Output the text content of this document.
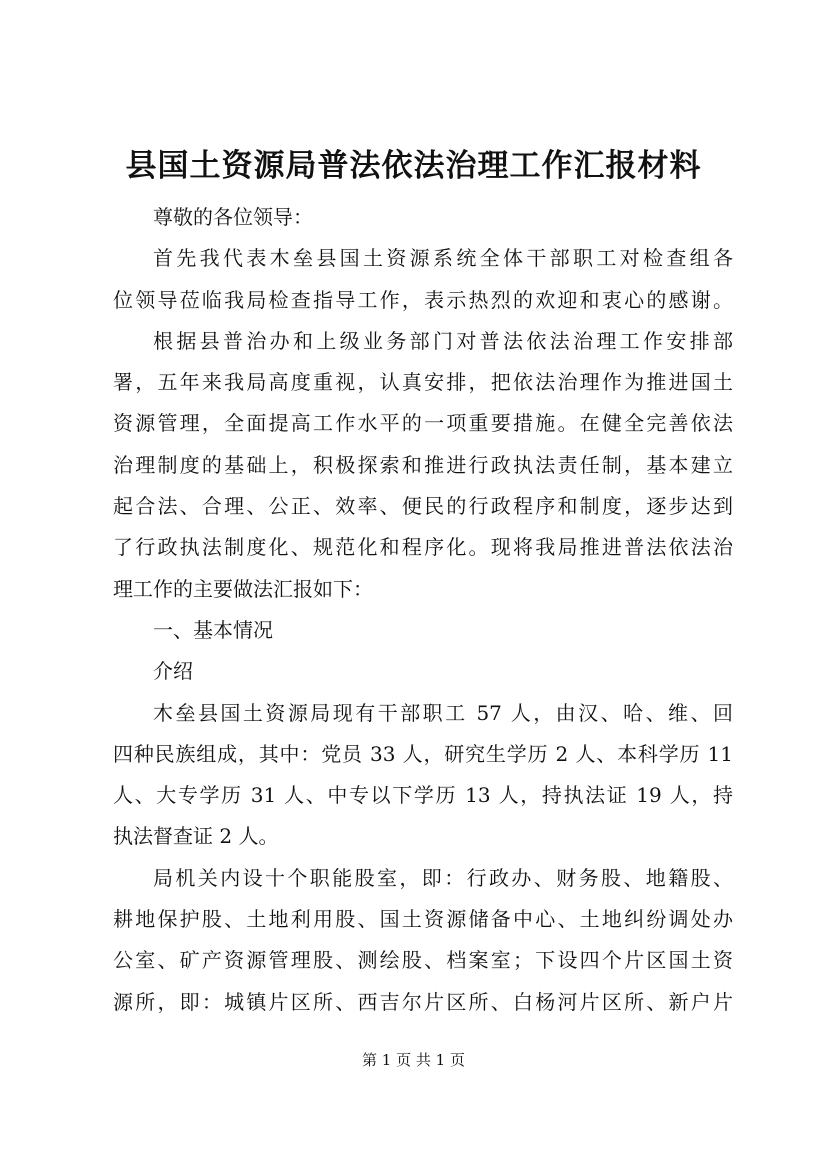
县国土资源局普法依法治理工作汇报材料

尊敬的各位领导：

首先我代表木垒县国土资源系统全体干部职工对检查组各
位领导莅临我局检查指导工作，表示热烈的欢迎和衷心的感谢。

根据县普治办和上级业务部门对普法依法治理工作安排部
署，五年来我局高度重视，认真安排，把依法治理作为推进国土
资源管理，全面提高工作水平的一项重要措施。在健全完善依法
治理制度的基础上，积极探索和推进行政执法责任制，基本建立
起合法、合理、公正、效率、便民的行政程序和制度，逐步达到
了行政执法制度化、规范化和程序化。现将我局推进普法依法治
理工作的主要做法汇报如下：

一、基本情况

介绍

木垒县国土资源局现有干部职工 57 人，由汉、哈、维、回
四种民族组成，其中：党员 33 人，研究生学历 2 人、本科学历 11
人、大专学历 31 人、中专以下学历 13 人，持执法证 19 人，持
执法督查证 2 人。

局机关内设十个职能股室，即：行政办、财务股、地籍股、
耕地保护股、土地利用股、国土资源储备中心、土地纠纷调处办
公室、矿产资源管理股、测绘股、档案室；下设四个片区国土资
源所，即：城镇片区所、西吉尔片区所、白杨河片区所、新户片

第 1 页 共 1 页
